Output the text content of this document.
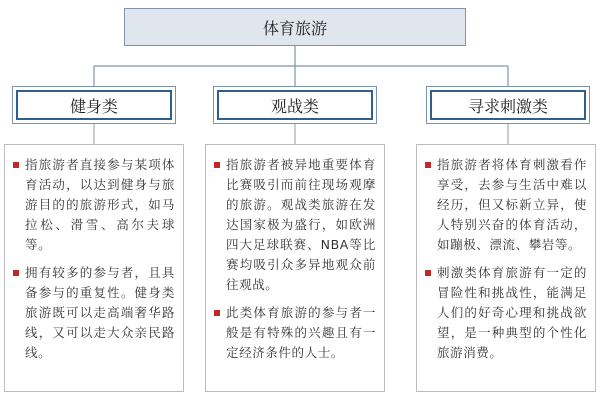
体育旅游
健身类
指旅游者直接参与某项体育活动，以达到健身与旅游目的的旅游形式，如马拉松、滑雪、高尔夫球等。
拥有较多的参与者，且具备参与的重复性。健身类旅游既可以走高端奢华路线，又可以走大众亲民路线。
观战类
指旅游者被异地重要体育比赛吸引而前往现场观摩的旅游。观战类旅游在发达国家极为盛行，如欧洲四大足球联赛、NBA等比赛均吸引众多异地观众前往观战。
此类体育旅游的参与者一般是有特殊的兴趣且有一定经济条件的人士。
寻求刺激类
指旅游者将体育刺激看作享受，去参与生活中难以经历，但又标新立异，使人特别兴奋的体育活动，如蹦极、漂流、攀岩等。
刺激类体育旅游有一定的冒险性和挑战性，能满足人们的好奇心理和挑战欲望，是一种典型的个性化旅游消费。
